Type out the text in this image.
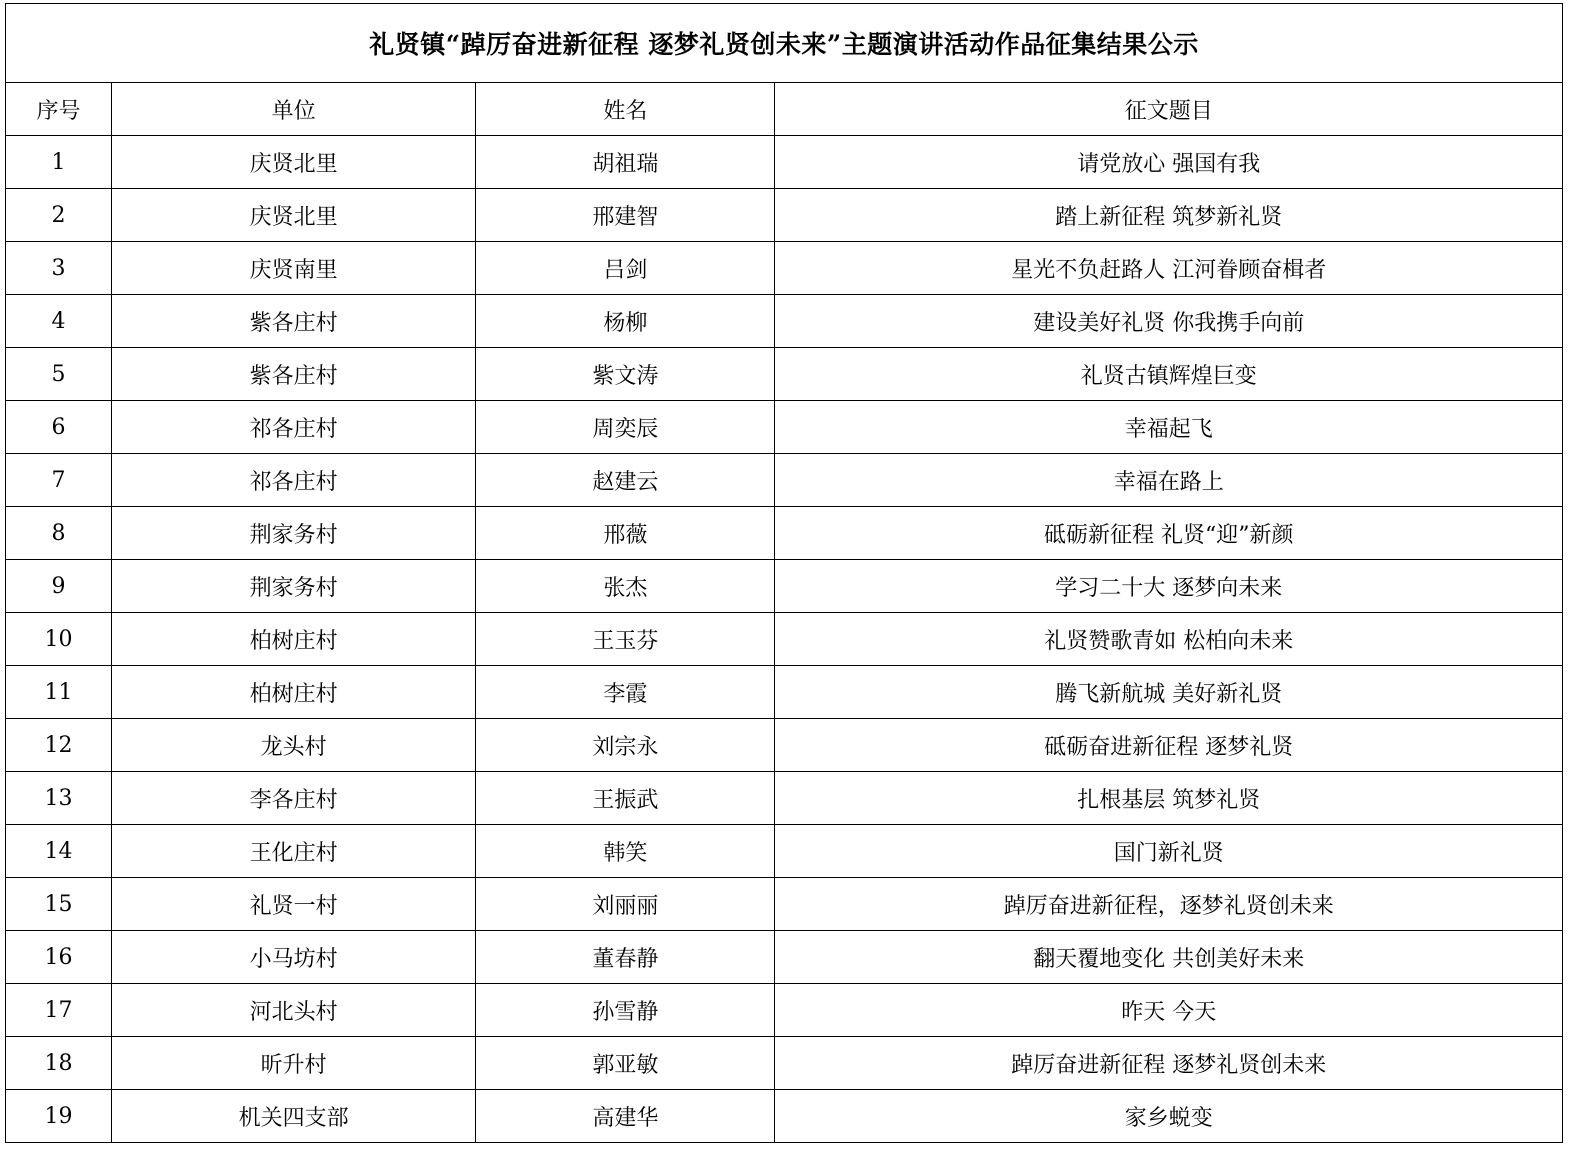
礼贤镇“踔厉奋进新征程 逐梦礼贤创未来”主题演讲活动作品征集结果公示			
序号	单位	姓名	征文题目
1	庆贤北里	胡祖瑞	请党放心 强国有我
2	庆贤北里	邢建智	踏上新征程 筑梦新礼贤
3	庆贤南里	吕剑	星光不负赶路人 江河眷顾奋楫者
4	紫各庄村	杨柳	建设美好礼贤 你我携手向前
5	紫各庄村	紫文涛	礼贤古镇辉煌巨变
6	祁各庄村	周奕辰	幸福起飞
7	祁各庄村	赵建云	幸福在路上
8	荆家务村	邢薇	砥砺新征程 礼贤“迎”新颜
9	荆家务村	张杰	学习二十大 逐梦向未来
10	柏树庄村	王玉芬	礼贤赞歌青如 松柏向未来
11	柏树庄村	李霞	腾飞新航城 美好新礼贤
12	龙头村	刘宗永	砥砺奋进新征程 逐梦礼贤
13	李各庄村	王振武	扎根基层 筑梦礼贤
14	王化庄村	韩笑	国门新礼贤
15	礼贤一村	刘丽丽	踔厉奋进新征程，逐梦礼贤创未来
16	小马坊村	董春静	翻天覆地变化 共创美好未来
17	河北头村	孙雪静	昨天 今天
18	昕升村	郭亚敏	踔厉奋进新征程 逐梦礼贤创未来
19	机关四支部	高建华	家乡蜕变
